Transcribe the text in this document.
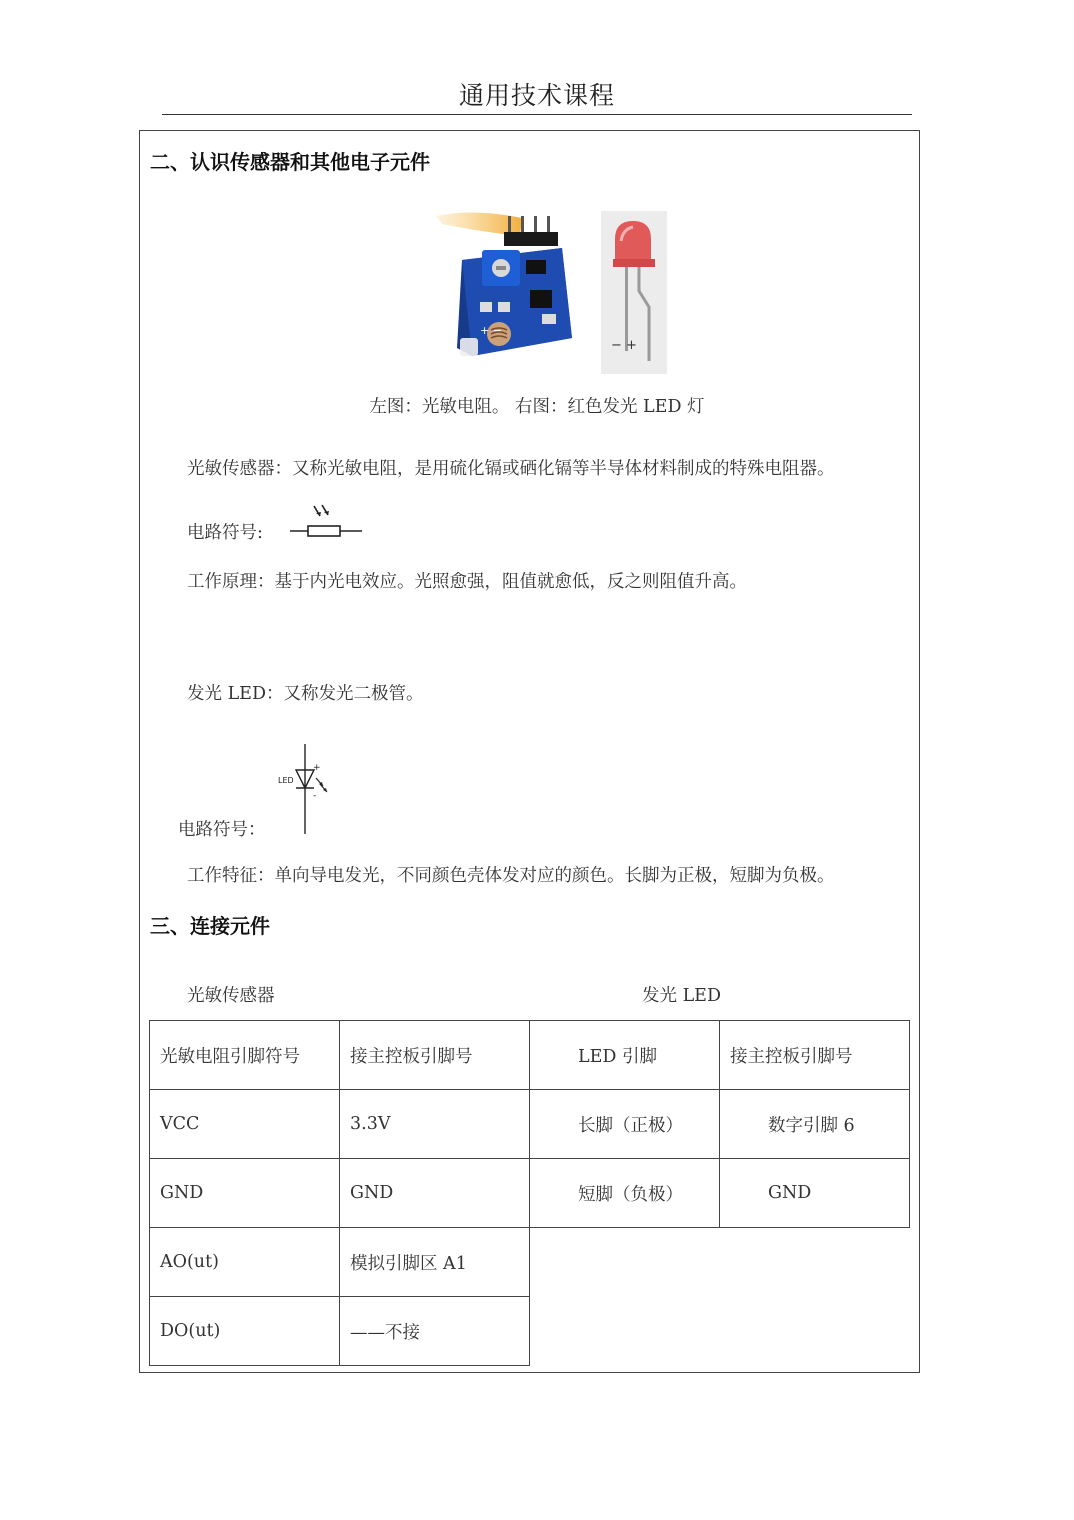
通用技术课程
二、认识传感器和其他电子元件
+ −
− +
左图：光敏电阻。 右图：红色发光 LED 灯
光敏传感器：又称光敏电阻，是用硫化镉或硒化镉等半导体材料制成的特殊电阻器。
电路符号:
工作原理：基于内光电效应。光照愈强，阻值就愈低，反之则阻值升高。
发光 LED：又称发光二极管。
LED
+
-
电路符号：
工作特征：单向导电发光，不同颜色壳体发对应的颜色。长脚为正极，短脚为负极。
三、连接元件
光敏传感器	发光 LED
光敏电阻引脚符号	接主控板引脚号	LED 引脚	接主控板引脚号
VCC	3.3V	长脚（正极）	数字引脚 6
GND	GND	短脚（负极）	GND
AO(ut)	模拟引脚区 A1		
DO(ut)	——不接		
